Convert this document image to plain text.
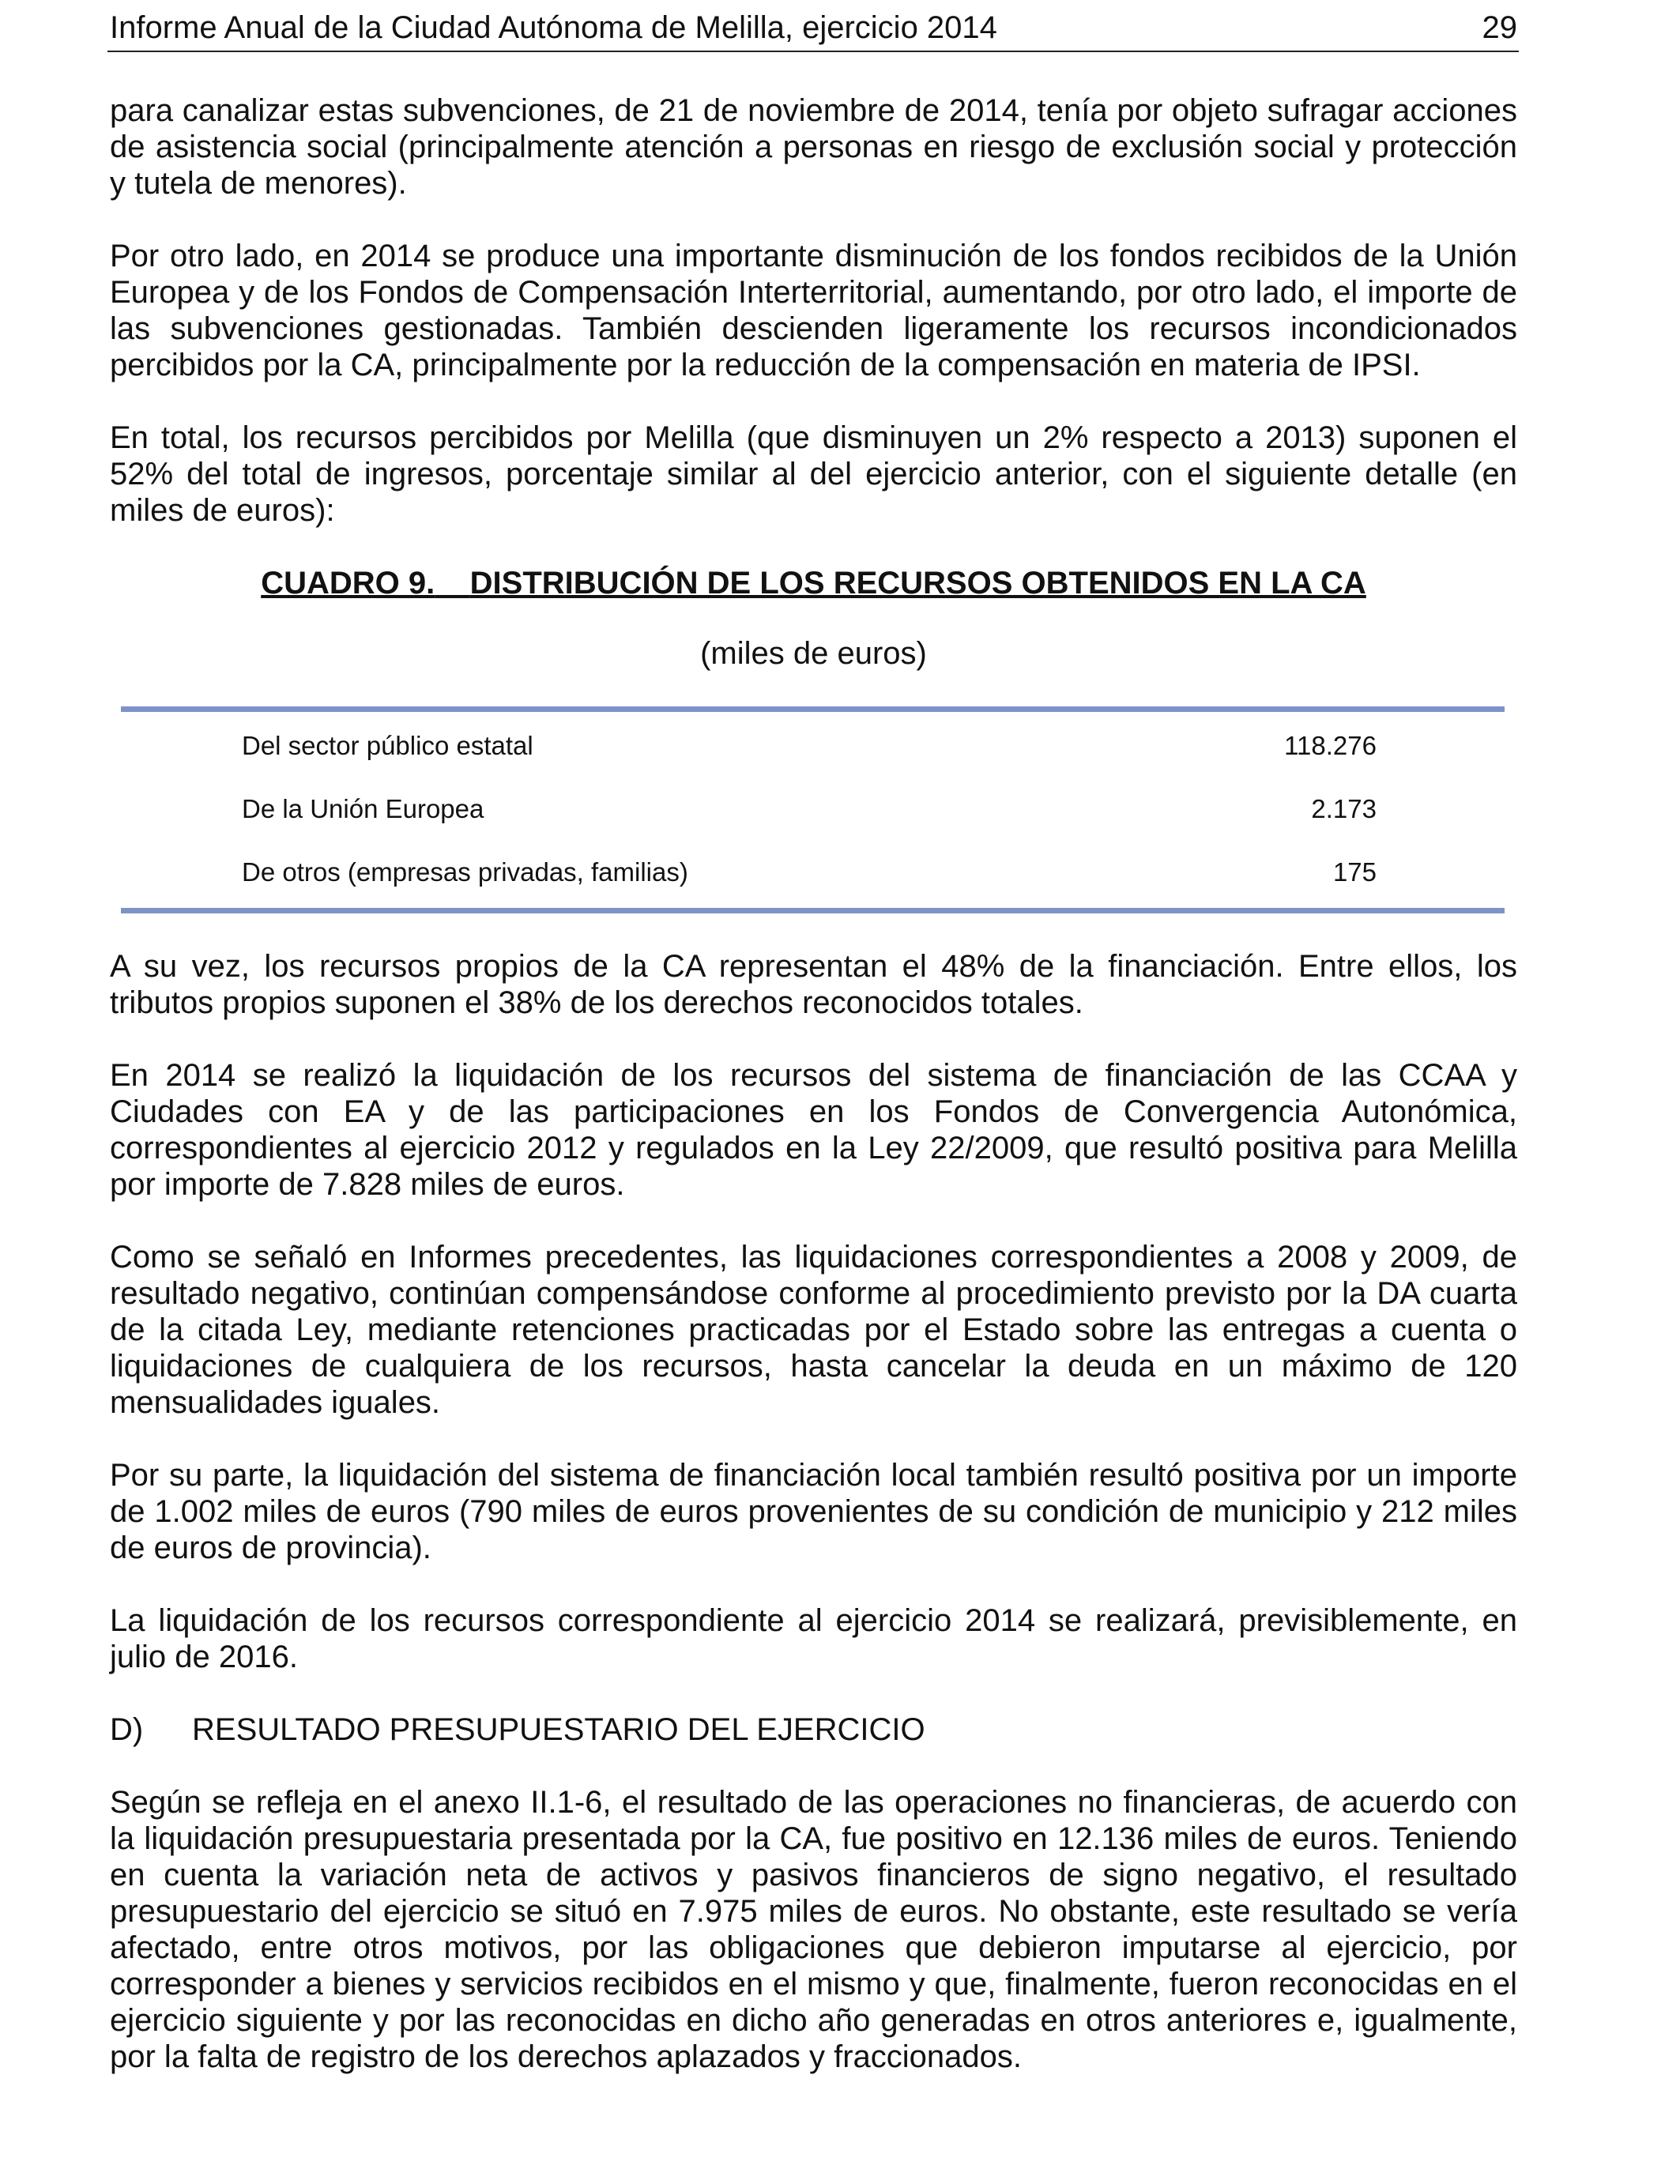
Informe Anual de la Ciudad Autónoma de Melilla, ejercicio 2014	29

para canalizar estas subvenciones, de 21 de noviembre de 2014, tenía por objeto sufragar acciones de asistencia social (principalmente atención a personas en riesgo de exclusión social y protección y tutela de menores).

Por otro lado, en 2014 se produce una importante disminución de los fondos recibidos de la Unión Europea y de los Fondos de Compensación Interterritorial, aumentando, por otro lado, el importe de las subvenciones gestionadas. También descienden ligeramente los recursos incondicionados percibidos por la CA, principalmente por la reducción de la compensación en materia de IPSI.

En total, los recursos percibidos por Melilla (que disminuyen un 2% respecto a 2013) suponen el 52% del total de ingresos, porcentaje similar al del ejercicio anterior, con el siguiente detalle (en miles de euros):

CUADRO 9. DISTRIBUCIÓN DE LOS RECURSOS OBTENIDOS EN LA CA
(miles de euros)
Del sector público estatal	118.276
De la Unión Europea	2.173
De otros (empresas privadas, familias)	175

A su vez, los recursos propios de la CA representan el 48% de la financiación. Entre ellos, los tributos propios suponen el 38% de los derechos reconocidos totales.

En 2014 se realizó la liquidación de los recursos del sistema de financiación de las CCAA y Ciudades con EA y de las participaciones en los Fondos de Convergencia Autonómica, correspondientes al ejercicio 2012 y regulados en la Ley 22/2009, que resultó positiva para Melilla por importe de 7.828 miles de euros.

Como se señaló en Informes precedentes, las liquidaciones correspondientes a 2008 y 2009, de resultado negativo, continúan compensándose conforme al procedimiento previsto por la DA cuarta de la citada Ley, mediante retenciones practicadas por el Estado sobre las entregas a cuenta o liquidaciones de cualquiera de los recursos, hasta cancelar la deuda en un máximo de 120 mensualidades iguales.

Por su parte, la liquidación del sistema de financiación local también resultó positiva por un importe de 1.002 miles de euros (790 miles de euros provenientes de su condición de municipio y 212 miles de euros de provincia).

La liquidación de los recursos correspondiente al ejercicio 2014 se realizará, previsiblemente, en julio de 2016.

D) RESULTADO PRESUPUESTARIO DEL EJERCICIO

Según se refleja en el anexo II.1-6, el resultado de las operaciones no financieras, de acuerdo con la liquidación presupuestaria presentada por la CA, fue positivo en 12.136 miles de euros. Teniendo en cuenta la variación neta de activos y pasivos financieros de signo negativo, el resultado presupuestario del ejercicio se situó en 7.975 miles de euros. No obstante, este resultado se vería afectado, entre otros motivos, por las obligaciones que debieron imputarse al ejercicio, por corresponder a bienes y servicios recibidos en el mismo y que, finalmente, fueron reconocidas en el ejercicio siguiente y por las reconocidas en dicho año generadas en otros anteriores e, igualmente, por la falta de registro de los derechos aplazados y fraccionados.
